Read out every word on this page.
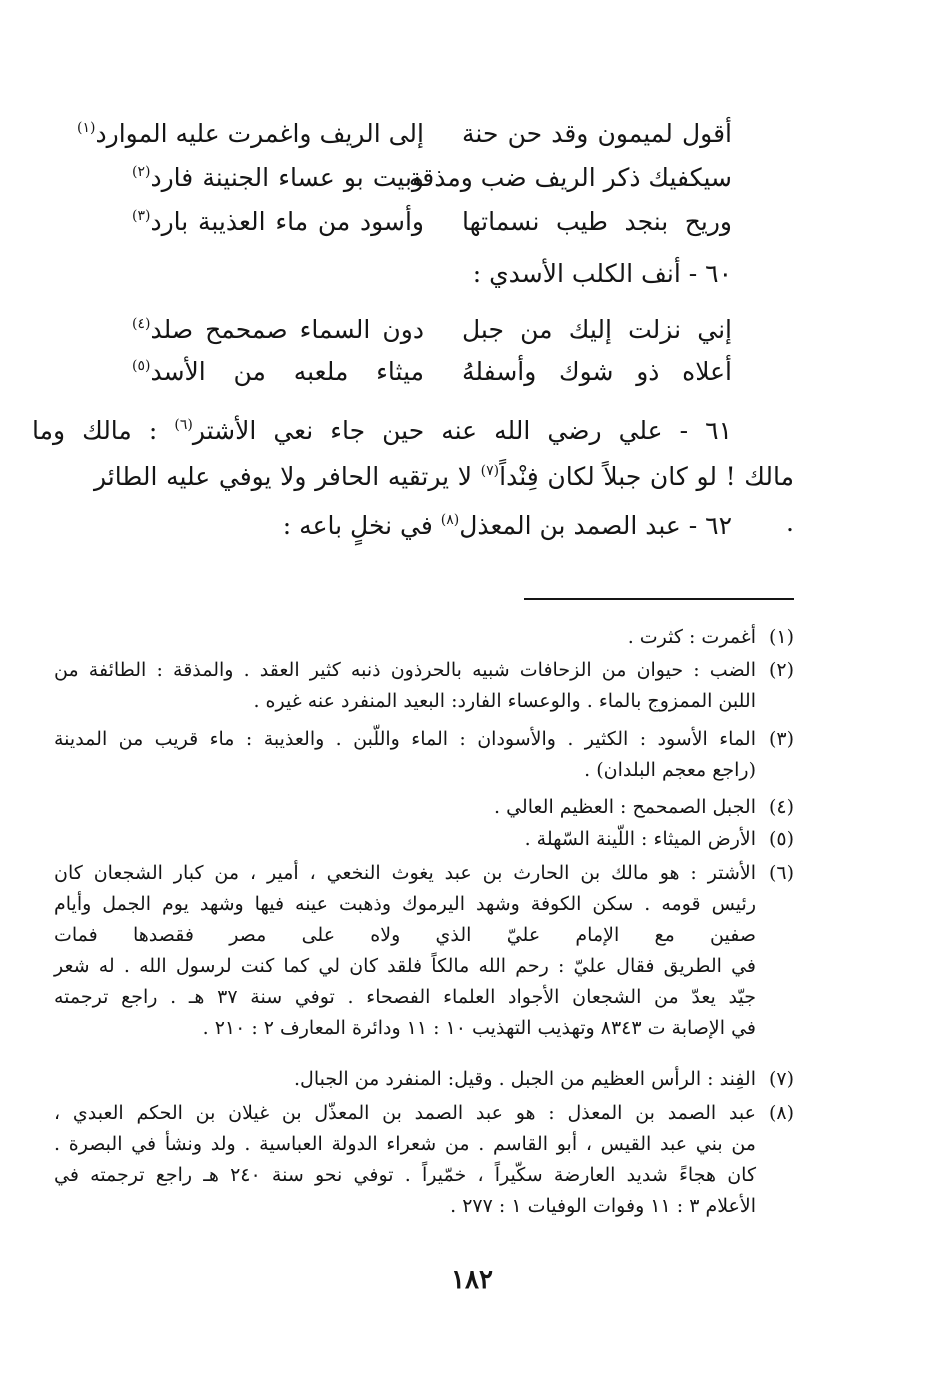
أقول لميمون وقد حن حنة
إلى الريف واغمرت عليه الموارد$^{(١)}$
سيكفيك ذكر الريف ضب ومذقة
وبيت بو عساء الجنينة فارد$^{(٢)}$
وريح بنجد طيب نسماتها
وأسود من ماء العذيبة بارد$^{(٣)}$
٦٠ - أنف الكلب الأسدي :
إني نزلت إليك من جبل
دون السماء صمحمح صلد$^{(٤)}$
أعلاه ذو شوك وأسفلهُ
ميثاء ملعبه من الأسد$^{(٥)}$
٦١ - علي رضي الله عنه حين جاء نعي الأشتر$^{(٦)}$ : مالك وما
مالك ! لو كان جبلاً لكان فِنْداً$^{(٧)}$ لا يرتقيه الحافر ولا يوفي عليه الطائر .
٦٢ - عبد الصمد بن المعذل$^{(٨)}$ في نخلٍ باعه :
(١)
أغمرت : كثرت .
(٢)
الضب : حيوان من الزحافات شبيه بالحرذون ذنبه كثير العقد . والمذقة : الطائفة من
اللبن الممزوج بالماء . والوعساء الفارد: البعيد المنفرد عنه غيره .
(٣)
الماء الأسود : الكثير . والأسودان : الماء واللّبن . والعذيبة : ماء قريب من المدينة
(راجع معجم البلدان) .
(٤)
الجبل الصمحمح : العظيم العالي .
(٥)
الأرض الميثاء : اللّينة السّهلة .
(٦)
الأشتر : هو مالك بن الحارث بن عبد يغوث النخعي ، أمير ، من كبار الشجعان كان
رئيس قومه . سكن الكوفة وشهد اليرموك وذهبت عينه فيها وشهد يوم الجمل وأيام
صفين مع الإمام عليّ الذي ولاه على مصر فقصدها فمات
في الطريق فقال عليّ : رحم الله مالكاً فلقد كان لي كما كنت لرسول الله . له شعر
جيّد يعدّ من الشجعان الأجواد العلماء الفصحاء . توفي سنة ٣٧ هـ . راجع ترجمته
في الإصابة ت ٨٣٤٣ وتهذيب التهذيب ١٠ : ١١ ودائرة المعارف ٢ : ٢١٠ .
(٧)
الفِند : الرأس العظيم من الجبل . وقيل: المنفرد من الجبال.
(٨)
عبد الصمد بن المعذل : هو عبد الصمد بن المعذّل بن غيلان بن الحكم العبدي ،
من بني عبد القيس ، أبو القاسم . من شعراء الدولة العباسية . ولد ونشأ في البصرة .
كان هجاءً شديد العارضة سكّيراً ، خمّيراً . توفي نحو سنة ٢٤٠ هـ راجع ترجمته في
الأعلام ٣ : ١١ وفوات الوفيات ١ : ٢٧٧ .
١٨٢
